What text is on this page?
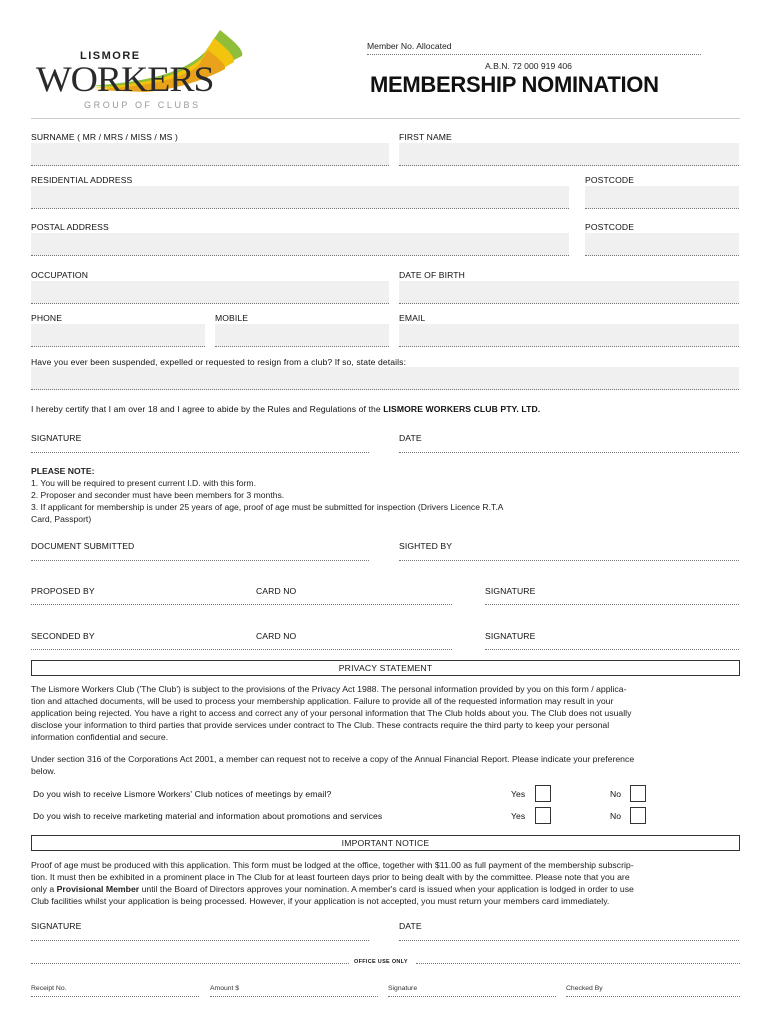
LISMORE
WORKERS
GROUP OF CLUBS
Member No. Allocated
A.B.N. 72 000 919 406
MEMBERSHIP NOMINATION
SURNAME ( MR / MRS / MISS / MS )	FIRST NAME
RESIDENTIAL ADDRESS	POSTCODE
POSTAL ADDRESS	POSTCODE
OCCUPATION	DATE OF BIRTH
PHONE	MOBILE	EMAIL
Have you ever been suspended, expelled or requested to resign from a club? If so, state details:
I hereby certify that I am over 18 and I agree to abide by the Rules and Regulations of the LISMORE WORKERS CLUB PTY. LTD.
SIGNATURE	DATE
PLEASE NOTE:
1. You will be required to present current I.D. with this form.
2. Proposer and seconder must have been members for 3 months.
3. If applicant for membership is under 25 years of age, proof of age must be submitted for inspection (Drivers Licence R.T.A
Card, Passport)
DOCUMENT SUBMITTED	SIGHTED BY
PROPOSED BY	CARD NO	SIGNATURE
SECONDED BY	CARD NO	SIGNATURE
PRIVACY STATEMENT
The Lismore Workers Club ('The Club') is subject to the provisions of the Privacy Act 1988. The personal information provided by you on this form / applica-
tion and attached documents, will be used to process your membership application. Failure to provide all of the requested information may result in your
application being rejected. You have a right to access and correct any of your personal information that The Club holds about you. The Club does not usually
disclose your information to third parties that provide services under contract to The Club. These contracts require the third party to keep your personal
information confidential and secure.
Under section 316 of the Corporations Act 2001, a member can request not to receive a copy of the Annual Financial Report. Please indicate your preference
below.
Do you wish to receive Lismore Workers' Club notices of meetings by email?	Yes	No
Do you wish to receive marketing material and information about promotions and services	Yes	No
IMPORTANT NOTICE
Proof of age must be produced with this application. This form must be lodged at the office, together with $11.00 as full payment of the membership subscrip-
tion. It must then be exhibited in a prominent place in The Club for at least fourteen days prior to being dealt with by the committee. Please note that you are
only a Provisional Member until the Board of Directors approves your nomination. A member's card is issued when your application is lodged in order to use
Club facilities whilst your application is being processed. However, if your application is not accepted, you must return your members card immediately.
SIGNATURE	DATE
OFFICE USE ONLY
Receipt No.	Amount $	Signature	Checked By
